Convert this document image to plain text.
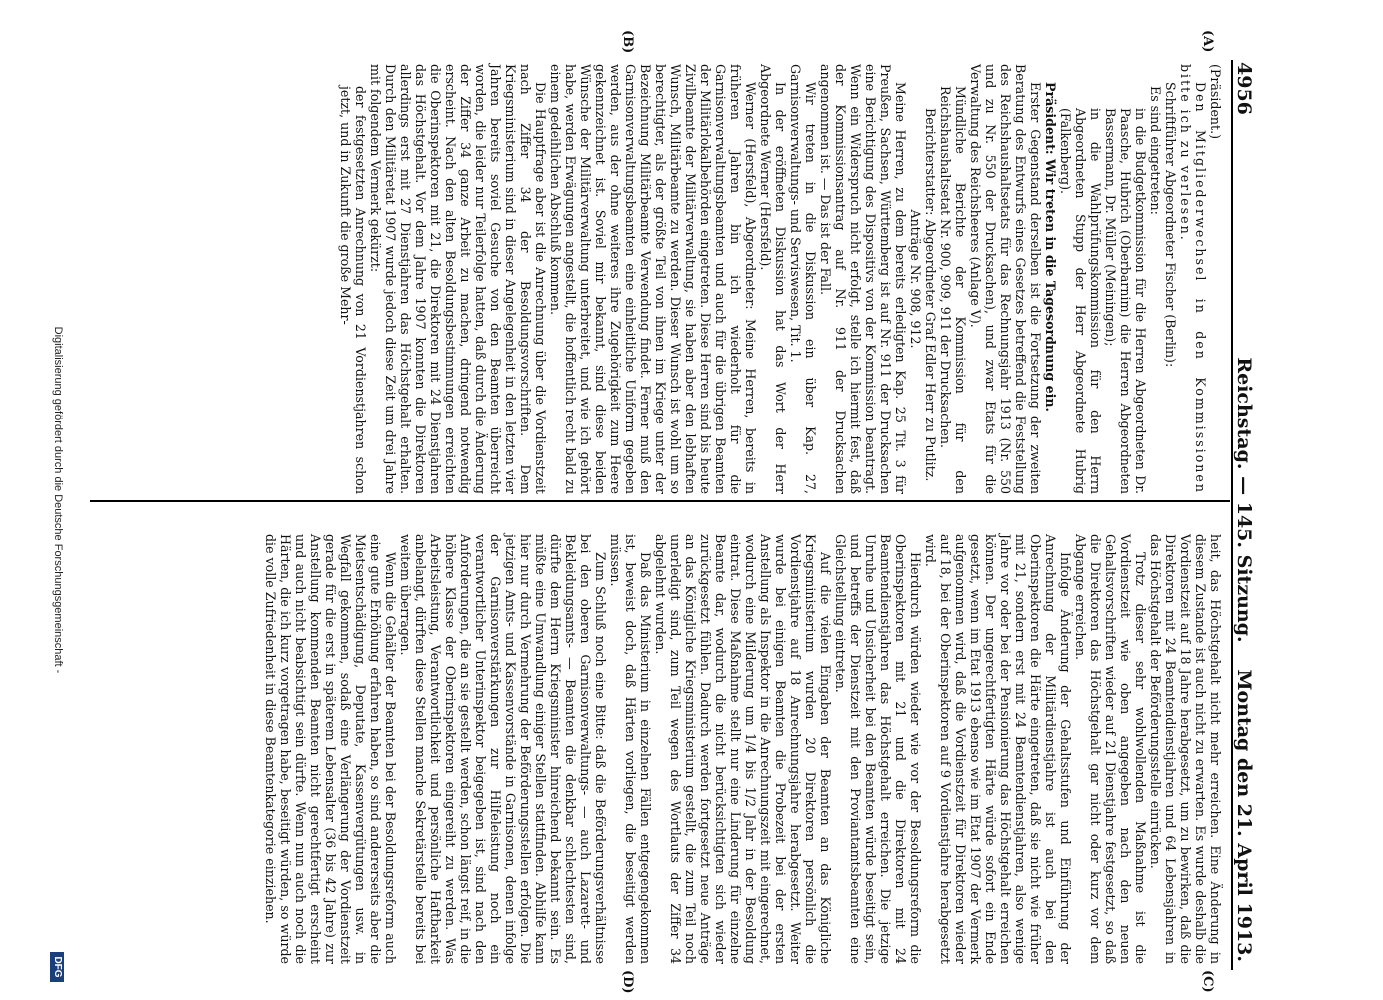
4956
Reichstag. — 145. Sitzung.
Montag den 21. April 1913.
(A)
(B)
(C)
(D)

(Präsident.)

Den Mitgliederwechsel in den Kommissionen bitte ich zu verlesen.

Schriftführer Abgeordneter Fischer (Berlin):

Es sind eingetreten:

in die Budgetkommission für die Herren Abgeordneten Dr. Paasche, Hubrich (Oberbarnim) die Herren Abgeordneten Bassermann, Dr. Müller (Meiningen);

in die Wahlprüfungskommission für den Herrn Abgeordneten Stupp der Herr Abgeordnete Hubrig (Falkenberg).

Präsident: Wir treten in die Tagesordnung ein.

Erster Gegenstand derselben ist die Fortsetzung der zweiten Beratung des Entwurfs eines Gesetzes betreffend die Feststellung des Reichshaushaltsetats für das Rechnungsjahr 1913 (Nr. 550 und zu Nr. 550 der Drucksachen), und zwar Etats für die Verwaltung des Reichsheeres (Anlage V).

Mündliche Berichte der Kommission für den Reichshaushaltsetat Nr. 900, 909, 911 der Drucksachen.

Berichterstatter: Abgeordneter Graf Edler Herr zu Putlitz.

Anträge Nr. 908, 912.

Meine Herren, zu dem bereits erledigten Kap. 25 Tit. 3 für Preußen, Sachsen, Württemberg ist auf Nr. 911 der Drucksachen eine Berichtigung des Dispositivs von der Kommission beantragt. Wenn ein Widerspruch nicht erfolgt, stelle ich hiermit fest, daß der Kommissionsantrag auf Nr. 911 der Drucksachen angenommen ist. — Das ist der Fall.

Wir treten in die Diskussion ein über Kap. 27, Garnisonverwaltungs- und Serviswesen, Tit. 1.

In der eröffneten Diskussion hat das Wort der Herr Abgeordnete Werner (Hersfeld).

Werner (Hersfeld), Abgeordneter: Meine Herren, bereits in früheren Jahren bin ich wiederholt für die Garnisonverwaltungsbeamten und auch für die übrigen Beamten der Militärlokalbehörden eingetreten. Diese Herren sind bis heute Zivilbeamte der Militärverwaltung, sie haben aber den lebhaften Wunsch, Militärbeamte zu werden. Dieser Wunsch ist wohl um so berechtigter, als der größte Teil von ihnen im Kriege unter der Bezeichnung Militärbeamte Verwendung findet. Ferner muß den Garnisonverwaltungsbeamten eine einheitliche Uniform gegeben werden, aus der ohne weiteres ihre Zugehörigkeit zum Heere gekennzeichnet ist. Soviel mir bekannt, sind diese beiden Wünsche der Militärverwaltung unterbreitet, und wie ich gehört habe, werden Erwägungen angestellt, die hoffentlich recht bald zu einem gedeihlichen Abschluß kommen.

Die Hauptfrage aber ist die Anrechnung über die Vordienstzeit nach Ziffer 34 der Besoldungsvorschriften. Dem Kriegsministerium sind in dieser Angelegenheit in den letzten vier Jahren bereits soviel Gesuche von den Beamten überreicht worden, die leider nur Teilerfolge hatten, daß durch die Änderung der Ziffer 34 ganze Arbeit zu machen, dringend notwendig erscheint. Nach den alten Besoldungsbestimmungen erreichten die Oberinspektoren mit 21, die Direktoren mit 24 Dienstjahren das Höchstgehalt. Vor dem Jahre 1907 konnten die Direktoren allerdings erst mit 27 Dienstjahren das Höchstgehalt erhalten. Durch den Militäretat 1907 wurde jedoch diese Zeit um drei Jahre mit folgendem Vermerk gekürzt:

der festgesetzten Anrechnung von 21 Vordienstjahren schon jetzt, und in Zukunft die große Mehr-

heit, das Höchstgehalt nicht mehr erreichen. Eine Änderung in diesem Zustande ist auch nicht zu erwarten. Es wurde deshalb die Vordienstzeit auf 18 Jahre herabgesetzt, um zu bewirken, daß die Direktoren mit 24 Beamtendienstjahren und 64 Lebensjahren in das Höchstgehalt der Beförderungsstelle einrücken.

Trotz dieser sehr wohlwollenden Maßnahme ist die Vordienstzeit wie oben angegeben nach den neuen Gehaltsvorschriften wieder auf 21 Dienstjahre festgesetzt, so daß die Direktoren das Höchstgehalt gar nicht oder kurz vor dem Abgange erreichen.

Infolge Änderung der Gehaltsstufen und Einführung der Anrechnung der Militärdienstjahre ist auch bei den Oberinspektoren die Härte eingetreten, daß sie nicht wie früher mit 21, sondern erst mit 24 Beamtendienstjahren, also wenige Jahre vor oder bei der Pensionierung das Höchstgehalt erreichen können. Der ungerechtfertigten Härte würde sofort ein Ende gesetzt, wenn im Etat 1913 ebenso wie im Etat 1907 der Vermerk aufgenommen wird, daß die Vordienstzeit für Direktoren wieder auf 18, bei der Oberinspektoren auf 9 Vordienstjahre herabgesetzt wird.

Hierdurch würden wieder wie vor der Besoldungsreform die Oberinspektoren mit 21 und die Direktoren mit 24 Beamtendienstjahren das Höchstgehalt erreichen. Die jetzige Unruhe und Unsicherheit bei den Beamten würde beseitigt sein, und betreffs der Dienstzeit mit den Proviantamtsbeamten eine Gleichstellung eintreten.

Auf die vielen Eingaben der Beamten an das Königliche Kriegsministerium wurden 20 Direktoren persönlich die Vordienstjahre auf 18 Anrechnungsjahre herabgesetzt. Weiter wurde bei einigen Beamten die Probezeit bei der ersten Anstellung als Inspektor in die Anrechnungszeit mit eingerechnet, wodurch eine Milderung um 1/4 bis 1/2 Jahr in der Besoldung eintrat. Diese Maßnahme stellt nur eine Linderung für einzelne Beamte dar, wodurch die nicht berücksichtigten sich wieder zurückgesetzt fühlen. Dadurch werden fortgesetzt neue Anträge an das Königliche Kriegsministerium gestellt, die zum Teil noch unerledigt sind, zum Teil wegen des Wortlauts der Ziffer 34 abgelehnt wurden.

Daß das Ministerium in einzelnen Fällen entgegengekommen ist, beweist doch, daß Härten vorliegen, die beseitigt werden müssen.

Zum Schluß noch eine Bitte: daß die Beförderungsverhältnisse bei den oberen Garnisonverwaltungs- — auch Lazarett- und Bekleidungsamts- — Beamten die denkbar schlechtesten sind, dürfte dem Herrn Kriegsminister hinreichend bekannt sein. Es müßte eine Umwandlung einiger Stellen stattfinden. Abhilfe kann hier nur durch Vermehrung der Beförderungsstellen erfolgen. Die jetzigen Amts- und Kassenvorstände in Garnisonen, denen infolge der Garnisonverstärkungen zur Hilfeleistung noch ein verantwortlicher Unterinspektor beigegeben ist, sind nach den Anforderungen, die an sie gestellt werden, schon längst reif, in die höhere Klasse der Oberinspektoren eingereiht zu werden. Was Arbeitsleistung, Verantwortlichkeit und persönliche Haftbarkeit anbelangt, dürften diese Stellen manche Sekretärstelle bereits bei weitem überragen.

Wenn die Gehälter der Beamten bei der Besoldungsreform auch eine gute Erhöhung erfahren haben, so sind andererseits aber die Mietsentschädigung, Deputate, Kassenvergütungen usw. in Wegfall gekommen, sodaß eine Verlängerung der Vordienstzeit gerade für die erst in späterem Lebensalter (36 bis 42 Jahre) zur Anstellung kommenden Beamten nicht gerechtfertigt erscheint und auch nicht beabsichtigt sein dürfte. Wenn nun auch noch die Härten, die ich kurz vorgetragen habe, beseitigt würden, so würde die volle Zufriedenheit in diese Beamtenkategorie einziehen.

Digitalisierung gefördert durch die Deutsche Forschungsgemeinschaft -
DFG
